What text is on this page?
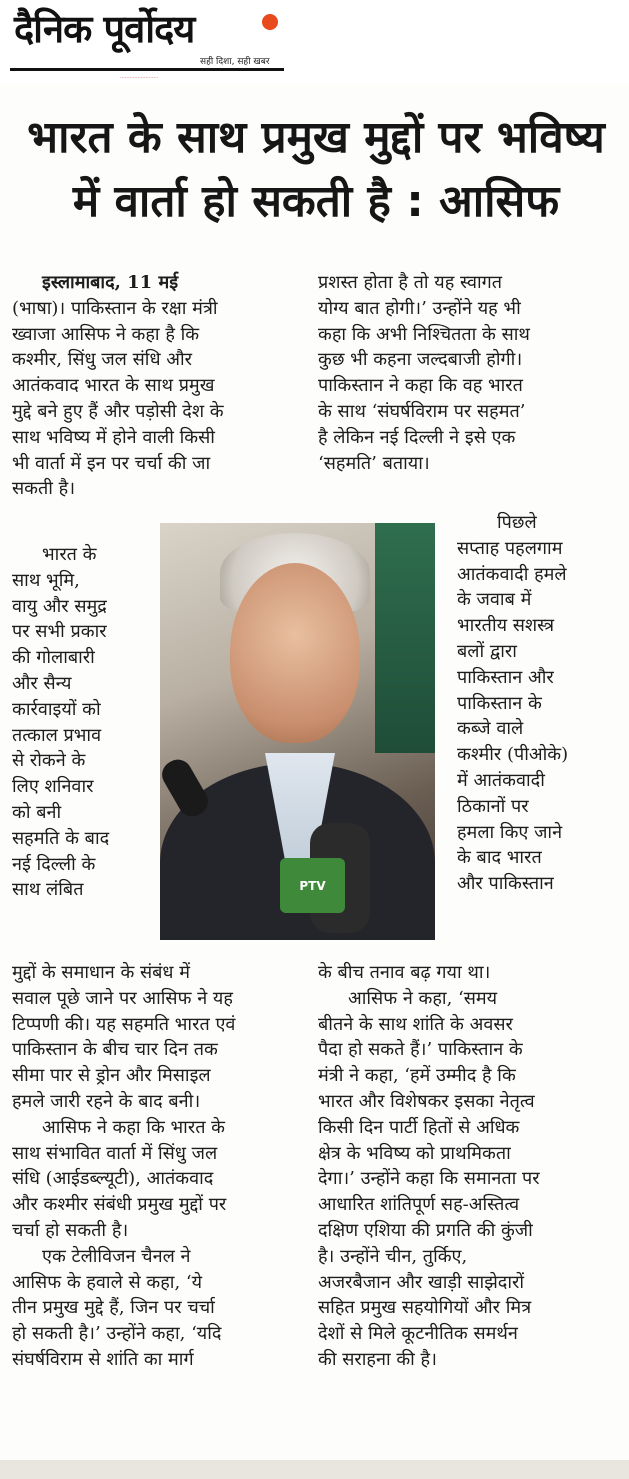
दैनिक पूर्वोदय
सही दिशा, सही खबर
........................
भारत के साथ प्रमुख मुद्दों पर भविष्य
में वार्ता हो सकती है : आसिफ

इस्लामाबाद, 11 मई

(भाषा)। पाकिस्तान के रक्षा मंत्री

ख्वाजा आसिफ ने कहा है कि

कश्मीर, सिंधु जल संधि और

आतंकवाद भारत के साथ प्रमुख

मुद्दे बने हुए हैं और पड़ोसी देश के

साथ भविष्य में होने वाली किसी

भी वार्ता में इन पर चर्चा की जा

सकती है।

भारत के

साथ भूमि,

वायु और समुद्र

पर सभी प्रकार

की गोलाबारी

और सैन्य

कार्रवाइयों को

तत्काल प्रभाव

से रोकने के

लिए शनिवार

को बनी

सहमति के बाद

नई दिल्ली के

साथ लंबित

मुद्दों के समाधान के संबंध में

सवाल पूछे जाने पर आसिफ ने यह

टिप्पणी की। यह सहमति भारत एवं

पाकिस्तान के बीच चार दिन तक

सीमा पार से ड्रोन और मिसाइल

हमले जारी रहने के बाद बनी।

आसिफ ने कहा कि भारत के

साथ संभावित वार्ता में सिंधु जल

संधि (आईडब्ल्यूटी), आतंकवाद

और कश्मीर संबंधी प्रमुख मुद्दों पर

चर्चा हो सकती है।

एक टेलीविजन चैनल ने

आसिफ के हवाले से कहा, ‘ये

तीन प्रमुख मुद्दे हैं, जिन पर चर्चा

हो सकती है।’ उन्होंने कहा, ‘यदि

संघर्षविराम से शांति का मार्ग

प्रशस्त होता है तो यह स्वागत

योग्य बात होगी।’ उन्होंने यह भी

कहा कि अभी निश्चितता के साथ

कुछ भी कहना जल्दबाजी होगी।

पाकिस्तान ने कहा कि वह भारत

के साथ ‘संघर्षविराम पर सहमत’

है लेकिन नई दिल्ली ने इसे एक

‘सहमति’ बताया।

पिछले

सप्ताह पहलगाम

आतंकवादी हमले

के जवाब में

भारतीय सशस्त्र

बलों द्वारा

पाकिस्तान और

पाकिस्तान के

कब्जे वाले

कश्मीर (पीओके)

में आतंकवादी

ठिकानों पर

हमला किए जाने

के बाद भारत

और पाकिस्तान

के बीच तनाव बढ़ गया था।

आसिफ ने कहा, ‘समय

बीतने के साथ शांति के अवसर

पैदा हो सकते हैं।’ पाकिस्तान के

मंत्री ने कहा, ‘हमें उम्मीद है कि

भारत और विशेषकर इसका नेतृत्व

किसी दिन पार्टी हितों से अधिक

क्षेत्र के भविष्य को प्राथमिकता

देगा।’ उन्होंने कहा कि समानता पर

आधारित शांतिपूर्ण सह-अस्तित्व

दक्षिण एशिया की प्रगति की कुंजी

है। उन्होंने चीन, तुर्किए,

अजरबैजान और खाड़ी साझेदारों

सहित प्रमुख सहयोगियों और मित्र

देशों से मिले कूटनीतिक समर्थन

की सराहना की है।

PTV
